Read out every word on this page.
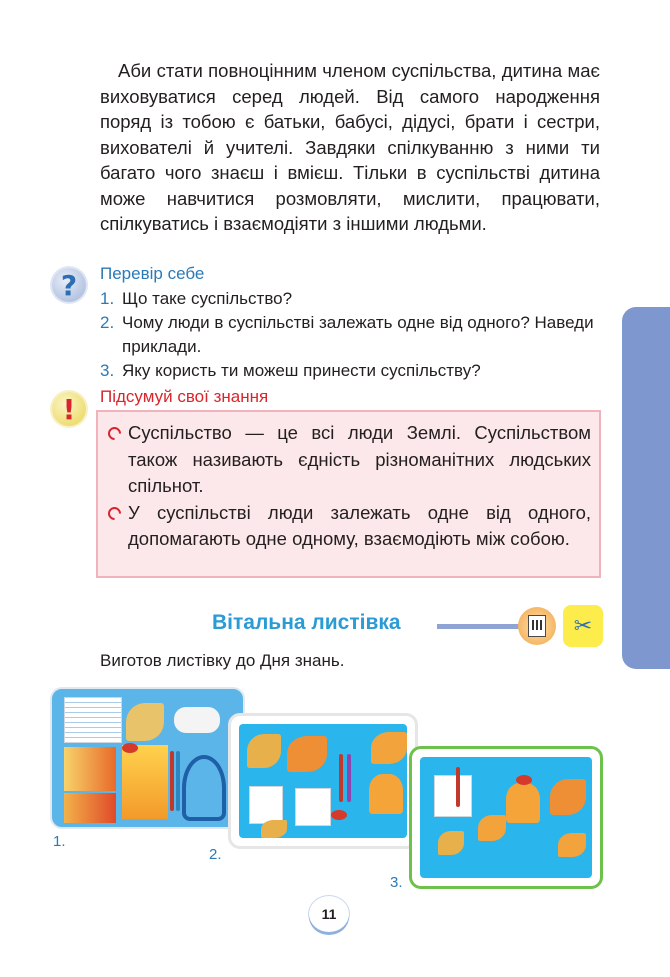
Аби стати повноцінним членом суспільства, дитина має виховуватися серед людей. Від самого народження поряд із тобою є батьки, бабусі, дідусі, брати і сестри, вихователі й учителі. Завдяки спілкуванню з ними ти багато чого знаєш і вмієш. Тільки в суспільстві дитина може навчитися розмовляти, мислити, працювати, спілкуватись і взаємодіяти з іншими людьми.

?	Перевір себе
1. Що таке суспільство?
2. Чому люди в суспільстві залежать одне від одного? Наведи приклади.
3. Яку користь ти можеш принести суспільству?
!	Підсумуй свої знання
Суспільство — це всі люди Землі. Суспільством також називають єдність різноманітних людських спільнот.
У суспільстві люди залежать одне від одного, допомагають одне одному, взаємодіють між собою.
Вітальна листівка	✂
Виготов листівку до Дня знань.
1.
2.
3.
11
